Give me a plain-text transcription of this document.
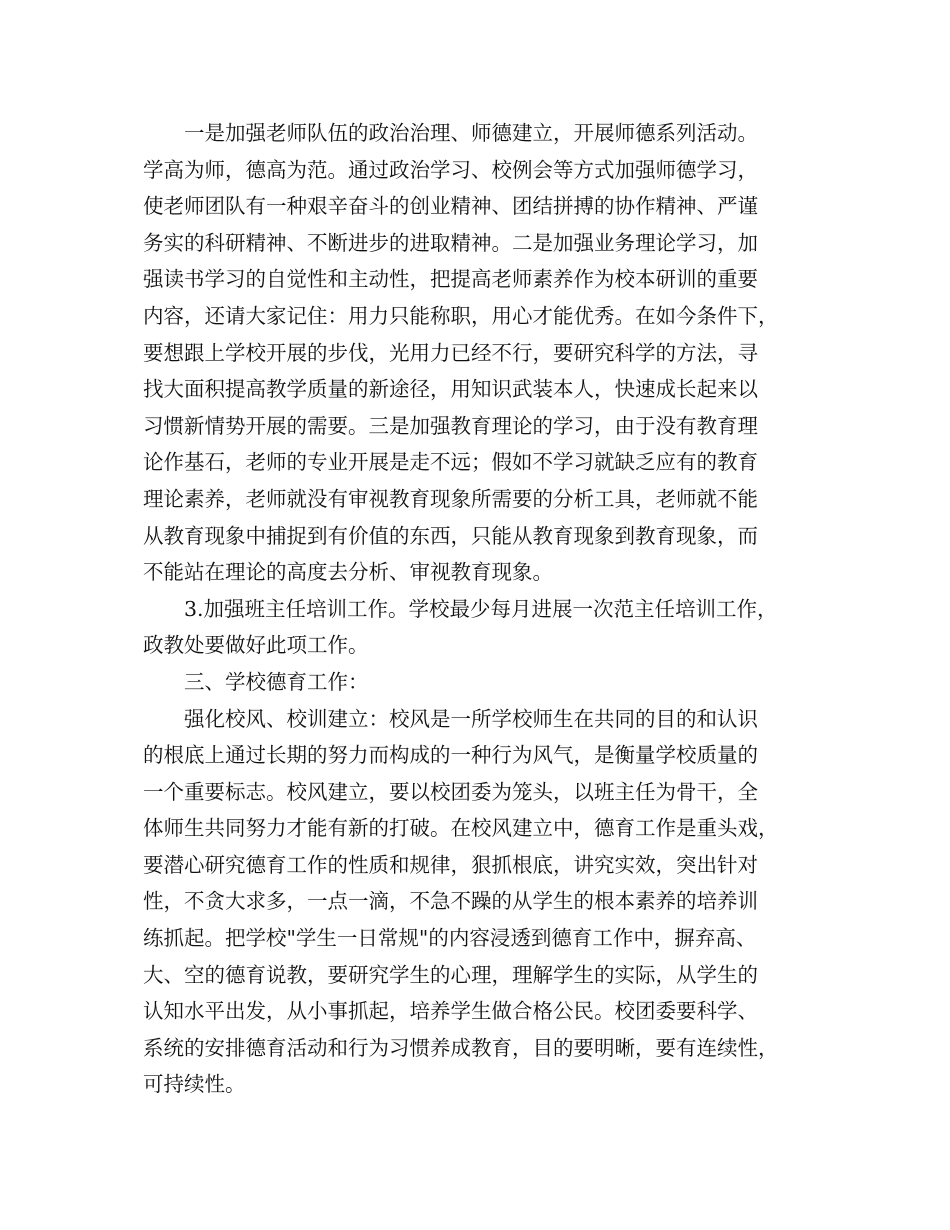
一是加强老师队伍的政治治理、师德建立，开展师德系列活动。
学高为师，德高为范。通过政治学习、校例会等方式加强师德学习，
使老师团队有一种艰辛奋斗的创业精神、团结拼搏的协作精神、严谨
务实的科研精神、不断进步的进取精神。二是加强业务理论学习，加
强读书学习的自觉性和主动性，把提高老师素养作为校本研训的重要
内容，还请大家记住：用力只能称职，用心才能优秀。在如今条件下，
要想跟上学校开展的步伐，光用力已经不行，要研究科学的方法，寻
找大面积提高教学质量的新途径，用知识武装本人，快速成长起来以
习惯新情势开展的需要。三是加强教育理论的学习，由于没有教育理
论作基石，老师的专业开展是走不远；假如不学习就缺乏应有的教育
理论素养，老师就没有审视教育现象所需要的分析工具，老师就不能
从教育现象中捕捉到有价值的东西，只能从教育现象到教育现象，而
不能站在理论的高度去分析、审视教育现象。
3.加强班主任培训工作。学校最少每月进展一次范主任培训工作，
政教处要做好此项工作。
三、学校德育工作：
强化校风、校训建立：校风是一所学校师生在共同的目的和认识
的根底上通过长期的努力而构成的一种行为风气，是衡量学校质量的
一个重要标志。校风建立，要以校团委为笼头，以班主任为骨干，全
体师生共同努力才能有新的打破。在校风建立中，德育工作是重头戏，
要潜心研究德育工作的性质和规律，狠抓根底，讲究实效，突出针对
性，不贪大求多，一点一滴，不急不躁的从学生的根本素养的培养训
练抓起。把学校"学生一日常规"的内容浸透到德育工作中，摒弃高、
大、空的德育说教，要研究学生的心理，理解学生的实际，从学生的
认知水平出发，从小事抓起，培养学生做合格公民。校团委要科学、
系统的安排德育活动和行为习惯养成教育，目的要明晰，要有连续性，
可持续性。
